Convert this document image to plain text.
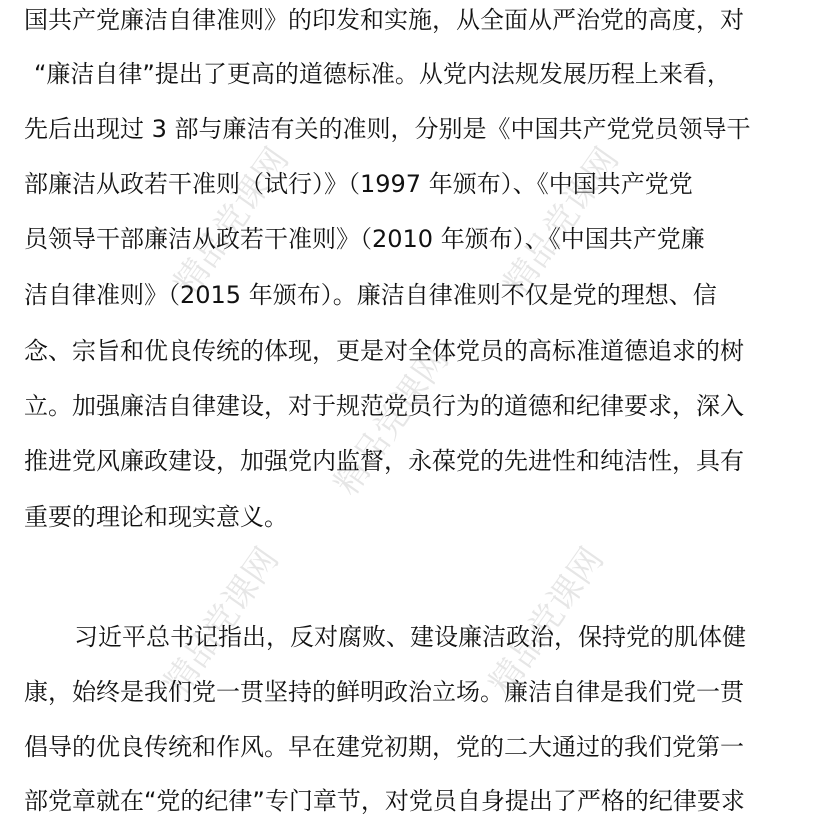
精品党课网	精品党课网
精品党课网
精品党课网	精品党课网
国共产党廉洁自律准则》的印发和实施，从全面从严治党的高度，对
“廉洁自律”提出了更高的道德标准。从党内法规发展历程上来看，
先后出现过 3 部与廉洁有关的准则，分别是《中国共产党党员领导干
部廉洁从政若干准则（试行）》（1997 年颁布）、《中国共产党党
员领导干部廉洁从政若干准则》（2010 年颁布）、《中国共产党廉
洁自律准则》（2015 年颁布）。廉洁自律准则不仅是党的理想、信
念、宗旨和优良传统的体现，更是对全体党员的高标准道德追求的树
立。加强廉洁自律建设，对于规范党员行为的道德和纪律要求，深入
推进党风廉政建设，加强党内监督，永葆党的先进性和纯洁性，具有
重要的理论和现实意义。
习近平总书记指出，反对腐败、建设廉洁政治，保持党的肌体健
康，始终是我们党一贯坚持的鲜明政治立场。廉洁自律是我们党一贯
倡导的优良传统和作风。早在建党初期，党的二大通过的我们党第一
部党章就在“党的纪律”专门章节，对党员自身提出了严格的纪律要求
